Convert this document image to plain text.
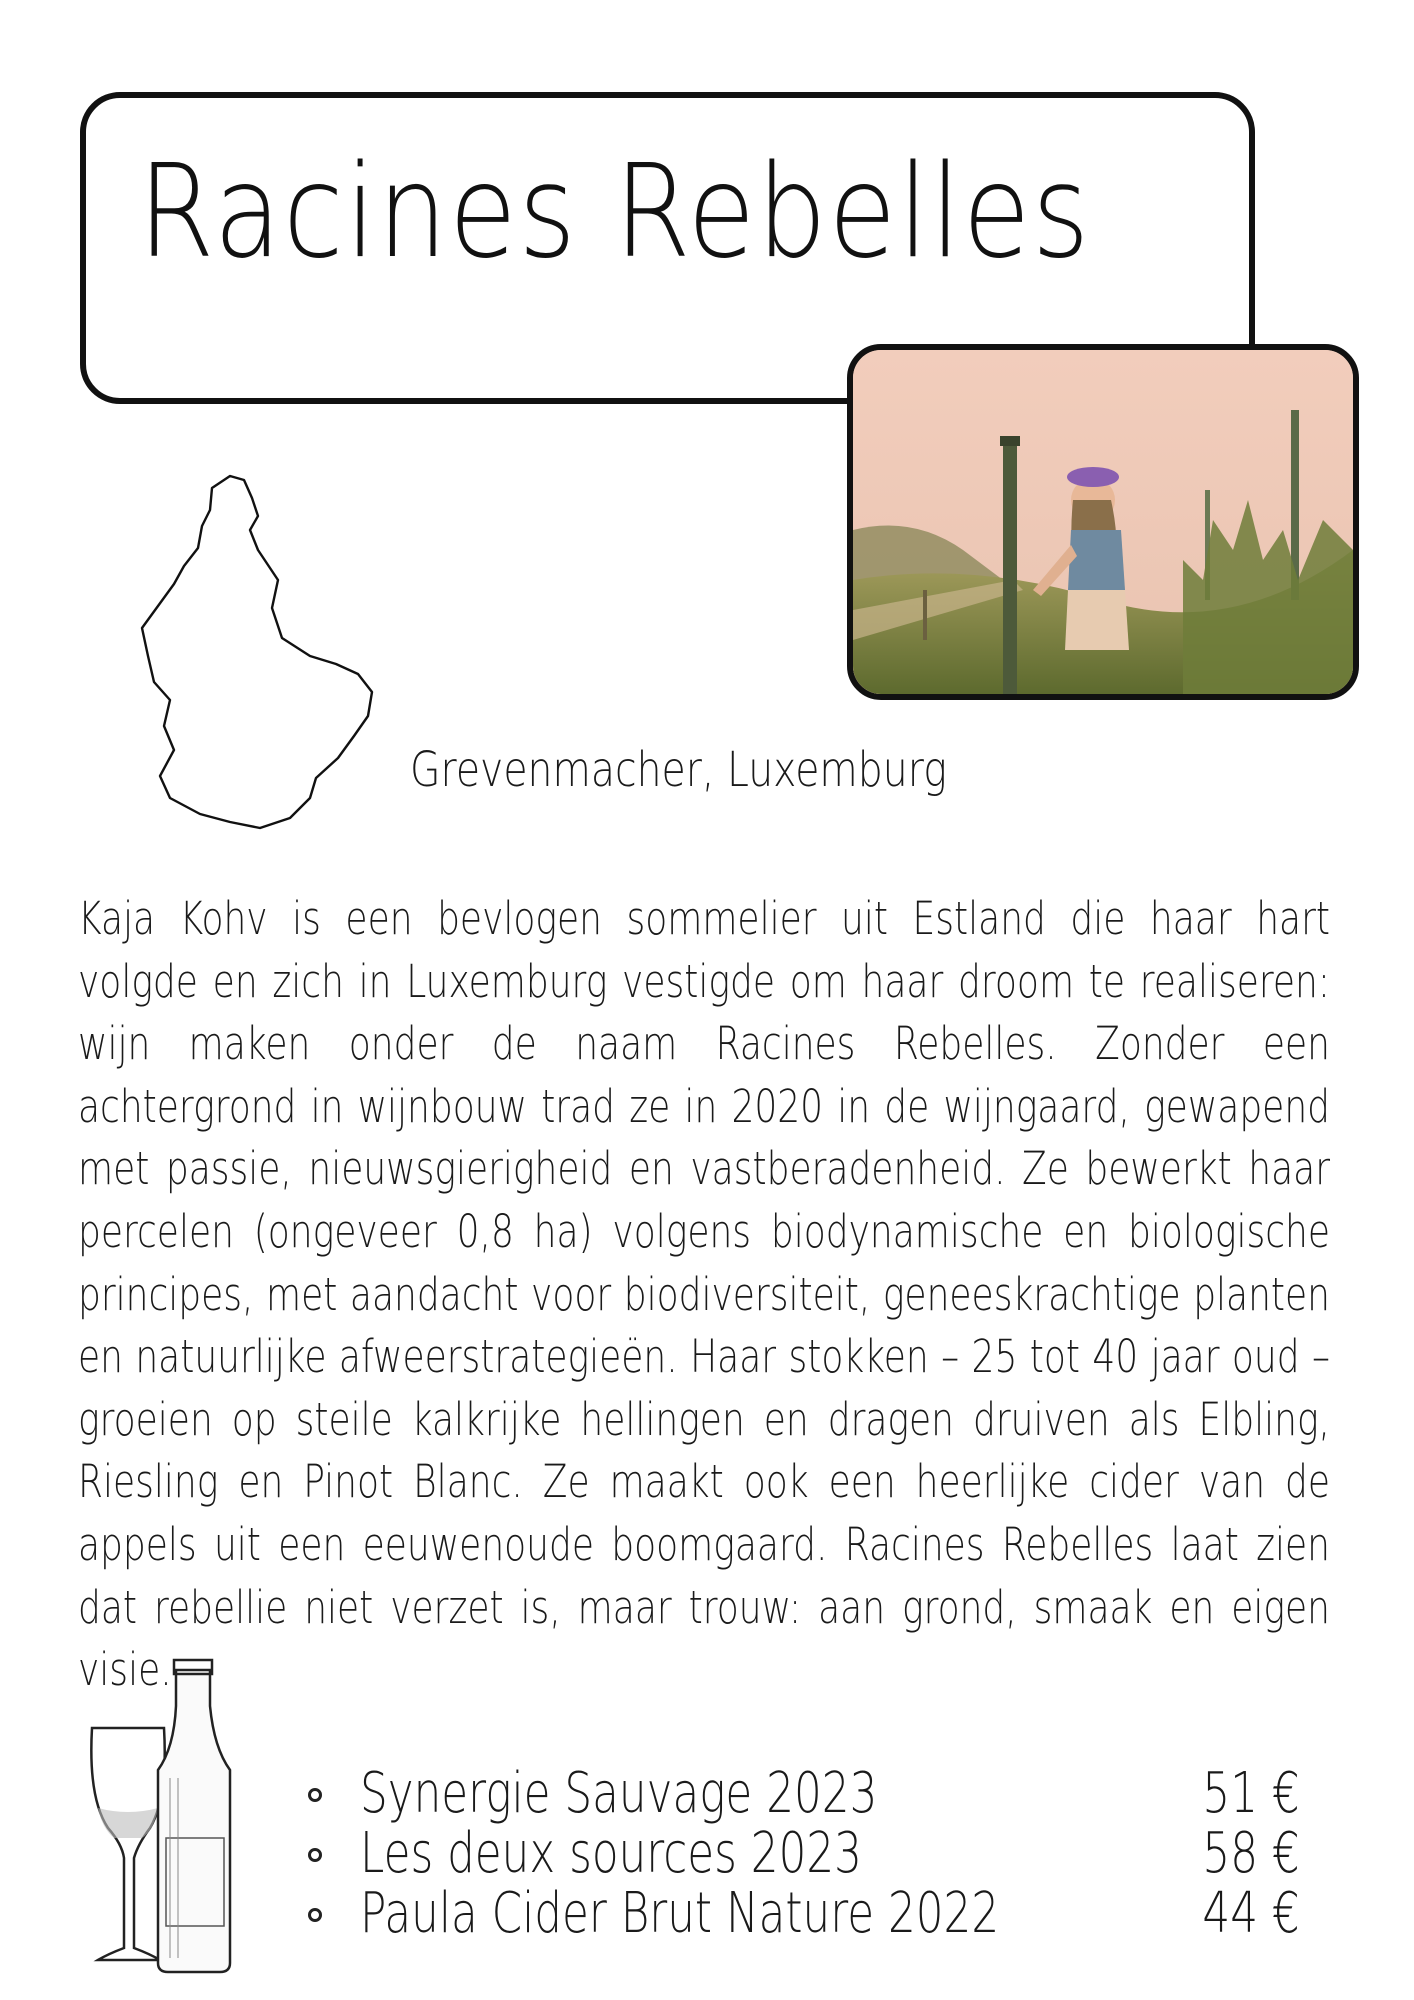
Racines Rebelles
Grevenmacher, Luxemburg

Kaja Kohv is een bevlogen sommelier uit Estland die haar hart volgde en zich in Luxemburg vestigde om haar droom te realiseren: wijn maken onder de naam Racines Rebelles. Zonder een achtergrond in wijnbouw trad ze in 2020 in de wijngaard, gewapend met passie, nieuwsgierigheid en vastberadenheid. Ze bewerkt haar percelen (ongeveer 0,8 ha) volgens biodynamische en biologische principes, met aandacht voor biodiversiteit, geneeskrachtige planten en natuurlijke afweerstrategieën. Haar stokken – 25 tot 40 jaar oud – groeien op steile kalkrijke hellingen en dragen druiven als Elbling, Riesling en Pinot Blanc. Ze maakt ook een heerlijke cider van de appels uit een eeuwenoude boomgaard. Racines Rebelles laat zien dat rebellie niet verzet is, maar trouw: aan grond, smaak en eigen visie.

Synergie Sauvage 2023	51 €
Les deux sources 2023	58 €
Paula Cider Brut Nature 2022	44 €
